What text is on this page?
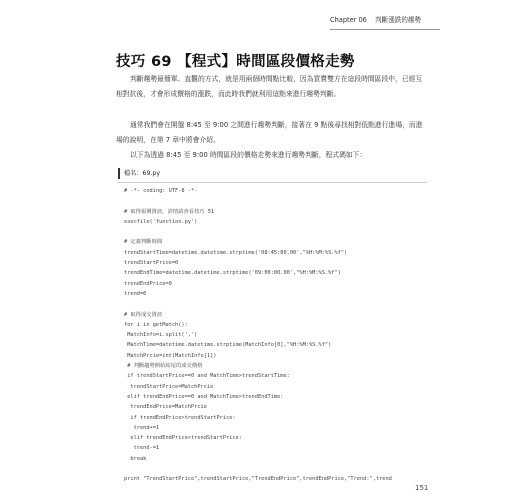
Chapter 06 判斷漲跌的趨勢
技巧 69 【程式】時間區段價格走勢
判斷趨勢最簡單、直觀的方式，就是用兩個時間點比較，因為買賣雙方在這段時間區段中，已經互相對抗後，才會形成價格的漲跌，而此時我們就利用這點來進行趨勢判斷。
通常我們會在開盤 8:45 至 9:00 之間進行趨勢判斷，接著在 9 點後尋找相對低點進行進場，而進場的說明，在第 7 章中將會介紹。
以下為透過 8:45 至 9:00 時間區段的價格走勢來進行趨勢判斷，程式碼如下：
檔名：69.py
# -*- coding: UTF-8 -*-
# 取得報價資訊，詳情請查看技巧 51
execfile('function.py')
# 定義判斷時間
trendStartTime=datetime.datetime.strptime('08:45:00.00',"%H:%M:%S.%f")
trendStartPrice=0
trendEndTime=datetime.datetime.strptime('09:00:00.00',"%H:%M:%S.%f")
trendEndPrice=0
trend=0
# 取得成交資訊
for i in getMatch():
MatchInfo=i.split(',')
MatchTime=datetime.datetime.strptime(MatchInfo[0],"%H:%M:%S.%f")
MatchPrcie=int(MatchInfo[1])
# 判斷趨勢開始結尾的成交價格
if trendStartPrice==0 and MatchTime>trendStartTime:
trendStartPrice=MatchPrcie
elif trendEndPrice==0 and MatchTime>trendEndTime:
trendEndPrice=MatchPrcie
if trendEndPrice>trendStartPrice:
trend+=1
elif trendEndPrice<trendStartPrice:
trend-=1
break
print "TrendStartPrice",trendStartPrice,"TrendEndPrice",trendEndPrice,"Trend:",trend
151
